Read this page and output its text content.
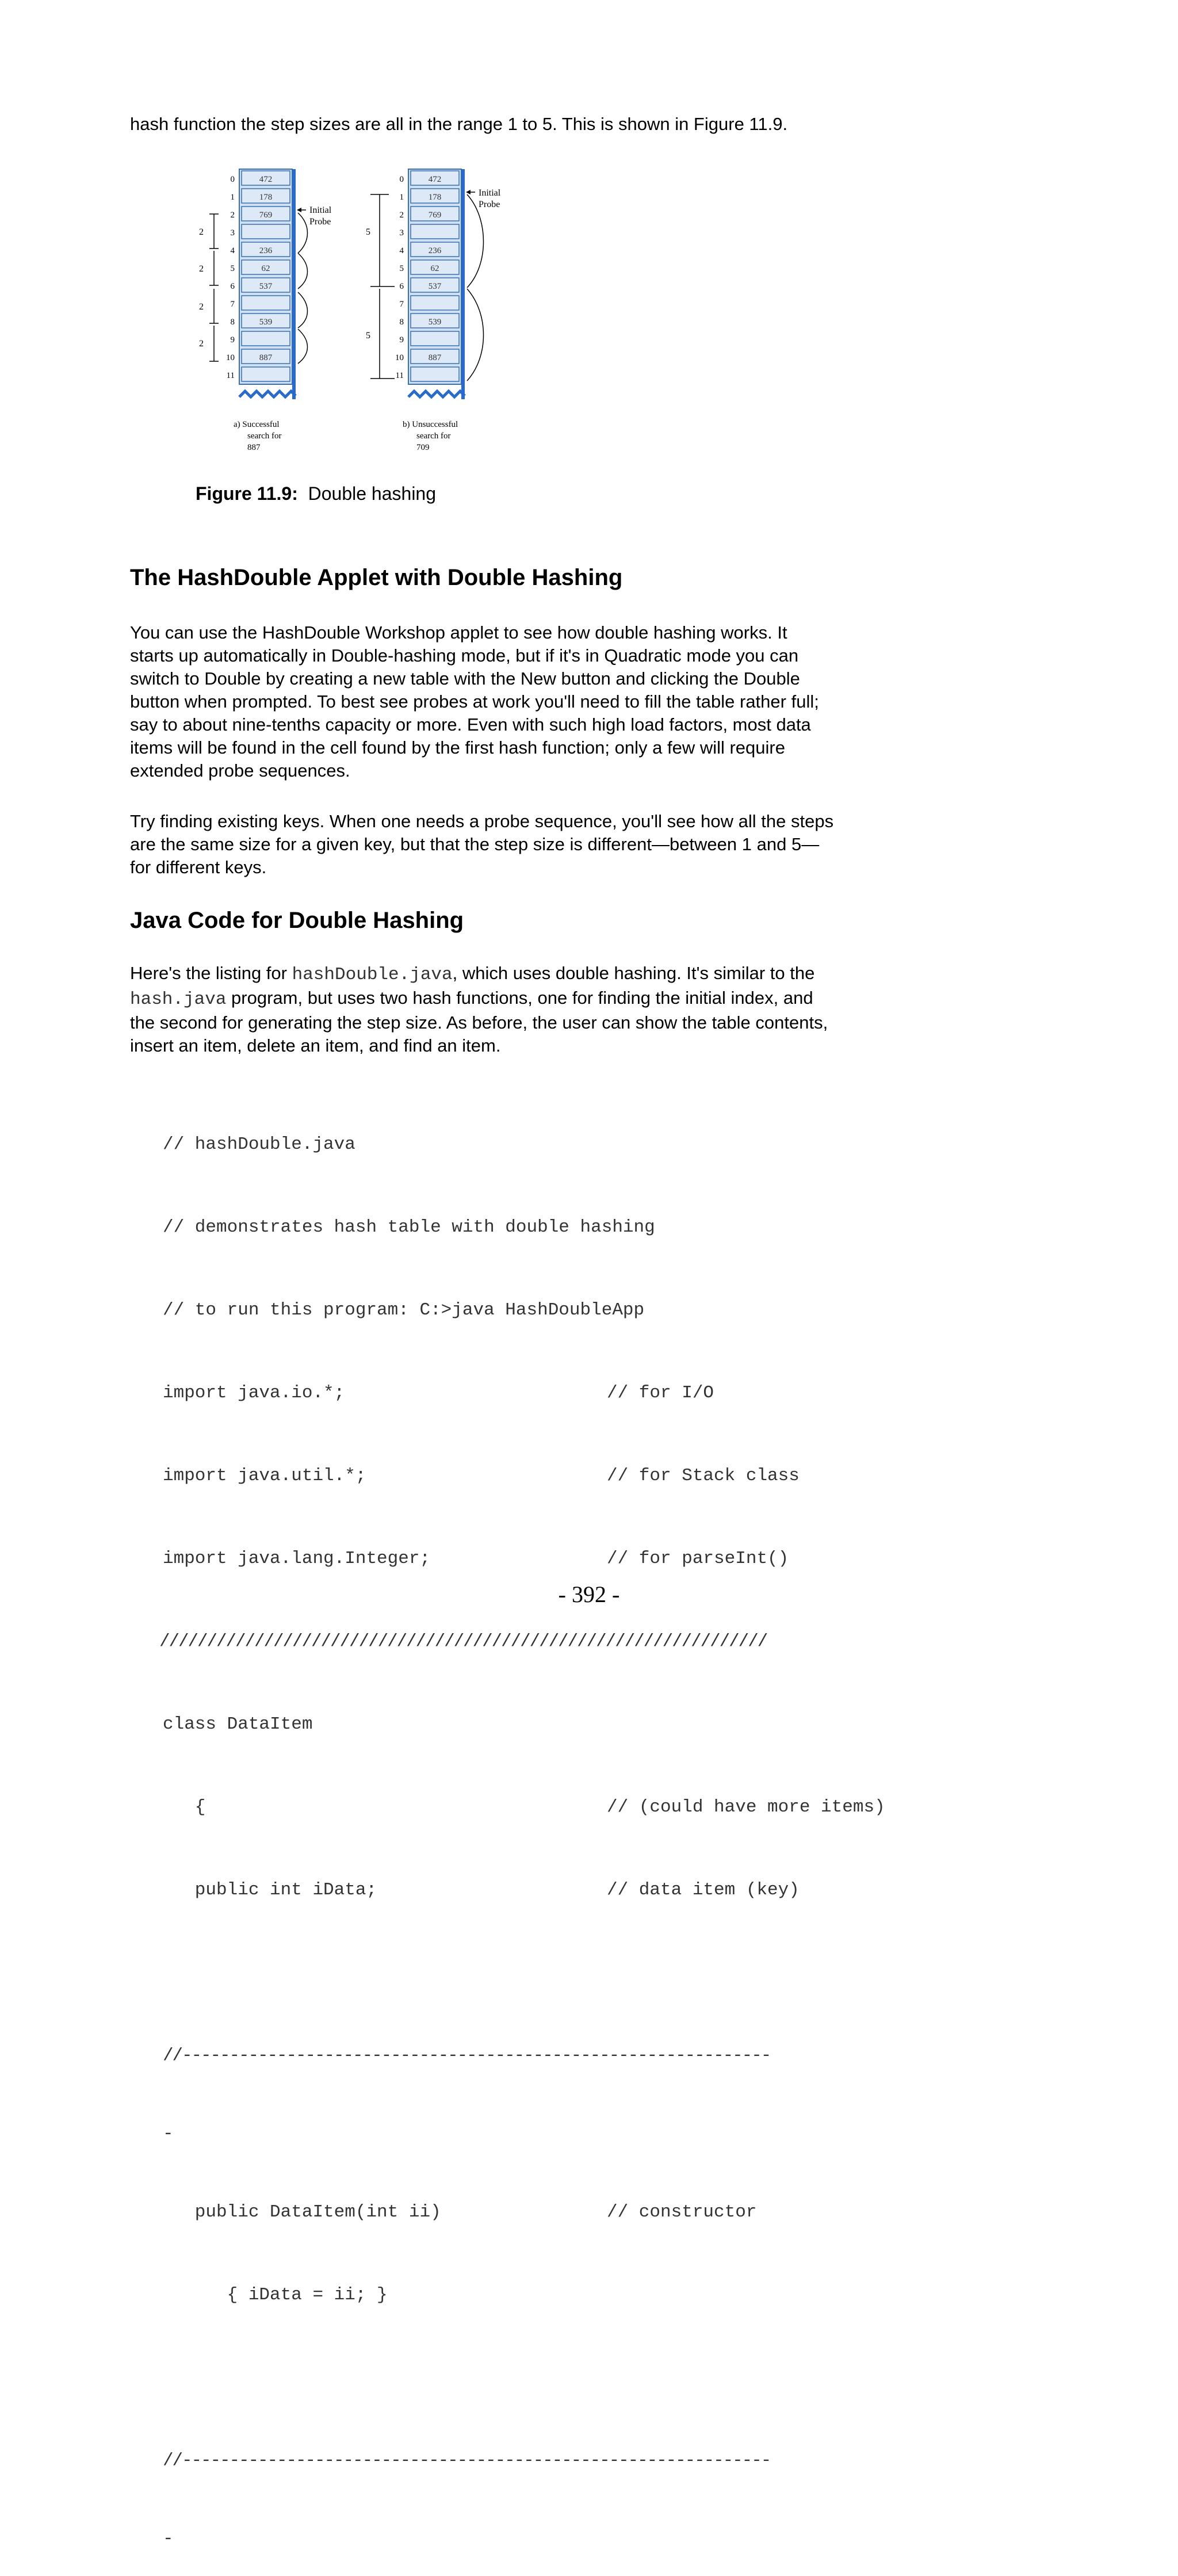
hash function the step sizes are all in the range 1 to 5. This is shown in Figure 11.9.

472
178
769
236
62
537
539
887
0
1
2
3
4
5
6
7
8
9
10
11
Initial
Probe
2
2
2
2
a) Successful
search for
887
472
178
769
236
62
537
539
887
0
1
2
3
4
5
6
7
8
9
10
11
Initial
Probe
5
5
b) Unsuccessful
search for
709
Figure 11.9: Double hashing
The HashDouble Applet with Double Hashing
You can use the HashDouble Workshop applet to see how double hashing works. It
starts up automatically in Double-hashing mode, but if it's in Quadratic mode you can
switch to Double by creating a new table with the New button and clicking the Double
button when prompted. To best see probes at work you'll need to fill the table rather full;
say to about nine-tenths capacity or more. Even with such high load factors, most data
items will be found in the cell found by the first hash function; only a few will require
extended probe sequences.
Try finding existing keys. When one needs a probe sequence, you'll see how all the steps
are the same size for a given key, but that the step size is different—between 1 and 5—
for different keys.
Java Code for Double Hashing
Here's the listing for hashDouble.java, which uses double hashing. It's similar to the
hash.java program, but uses two hash functions, one for finding the initial index, and
the second for generating the step size. As before, the user can show the table contents,
insert an item, delete an item, and find an item.

// hashDouble.java

// demonstrates hash table with double hashing

// to run this program: C:>java HashDoubleApp

import java.io.*;	// for I/O

import java.util.*;	// for Stack class

import java.lang.Integer;	// for parseInt()

////////////////////////////////////////////////////////////////

class DataItem

{	// (could have more items)

public int iData;	// data item (key)

//--------------------------------------------------------------

-

public DataItem(int ii)	// constructor

{ iData = ii; }

//--------------------------------------------------------------

-

- 392 -
